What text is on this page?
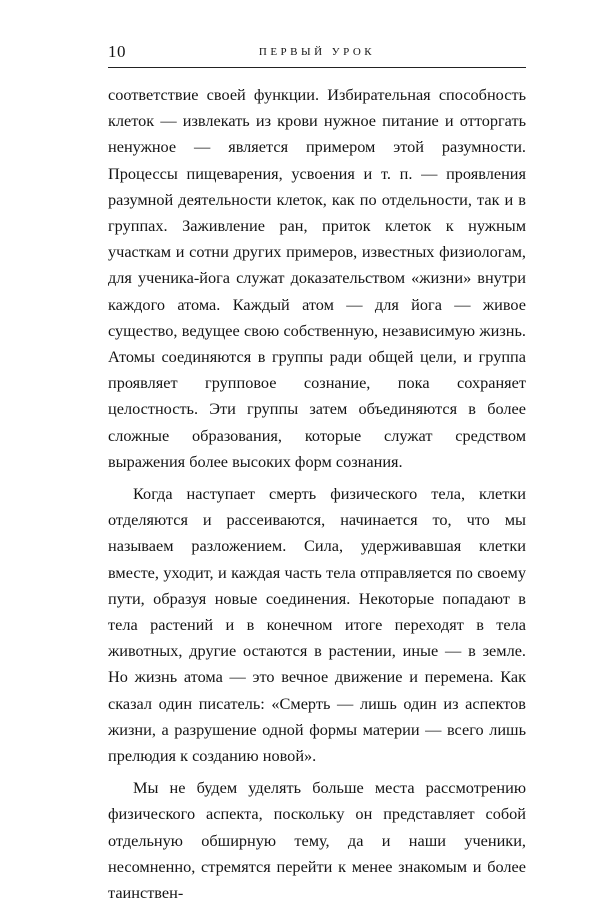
10	ПЕРВЫЙ УРОК

соответствие своей функции. Избирательная способность клеток — извлекать из крови нужное питание и отторгать ненужное — является примером этой разумности. Процессы пищеварения, усвоения и т. п. — проявления разумной деятельности клеток, как по отдельности, так и в группах. Заживление ран, приток клеток к нужным участкам и сотни других примеров, известных физиологам, для ученика-йога служат доказательством «жизни» внутри каждого атома. Каждый атом — для йога — живое существо, ведущее свою собственную, независимую жизнь. Атомы соединяются в группы ради общей цели, и группа проявляет групповое сознание, пока сохраняет целостность. Эти группы затем объединяются в более сложные образования, которые служат средством выражения более высоких форм сознания.

Когда наступает смерть физического тела, клетки отделяются и рассеиваются, начинается то, что мы называем разложением. Сила, удерживавшая клетки вместе, уходит, и каждая часть тела отправляется по своему пути, образуя новые соединения. Некоторые попадают в тела растений и в конечном итоге переходят в тела животных, другие остаются в растении, иные — в земле. Но жизнь атома — это вечное движение и перемена. Как сказал один писатель: «Смерть — лишь один из аспектов жизни, а разрушение одной формы материи — всего лишь прелюдия к созданию новой».

Мы не будем уделять больше места рассмотрению физического аспекта, поскольку он представляет собой отдельную обширную тему, да и наши ученики, несомненно, стремятся перейти к менее знакомым и более таинствен-
